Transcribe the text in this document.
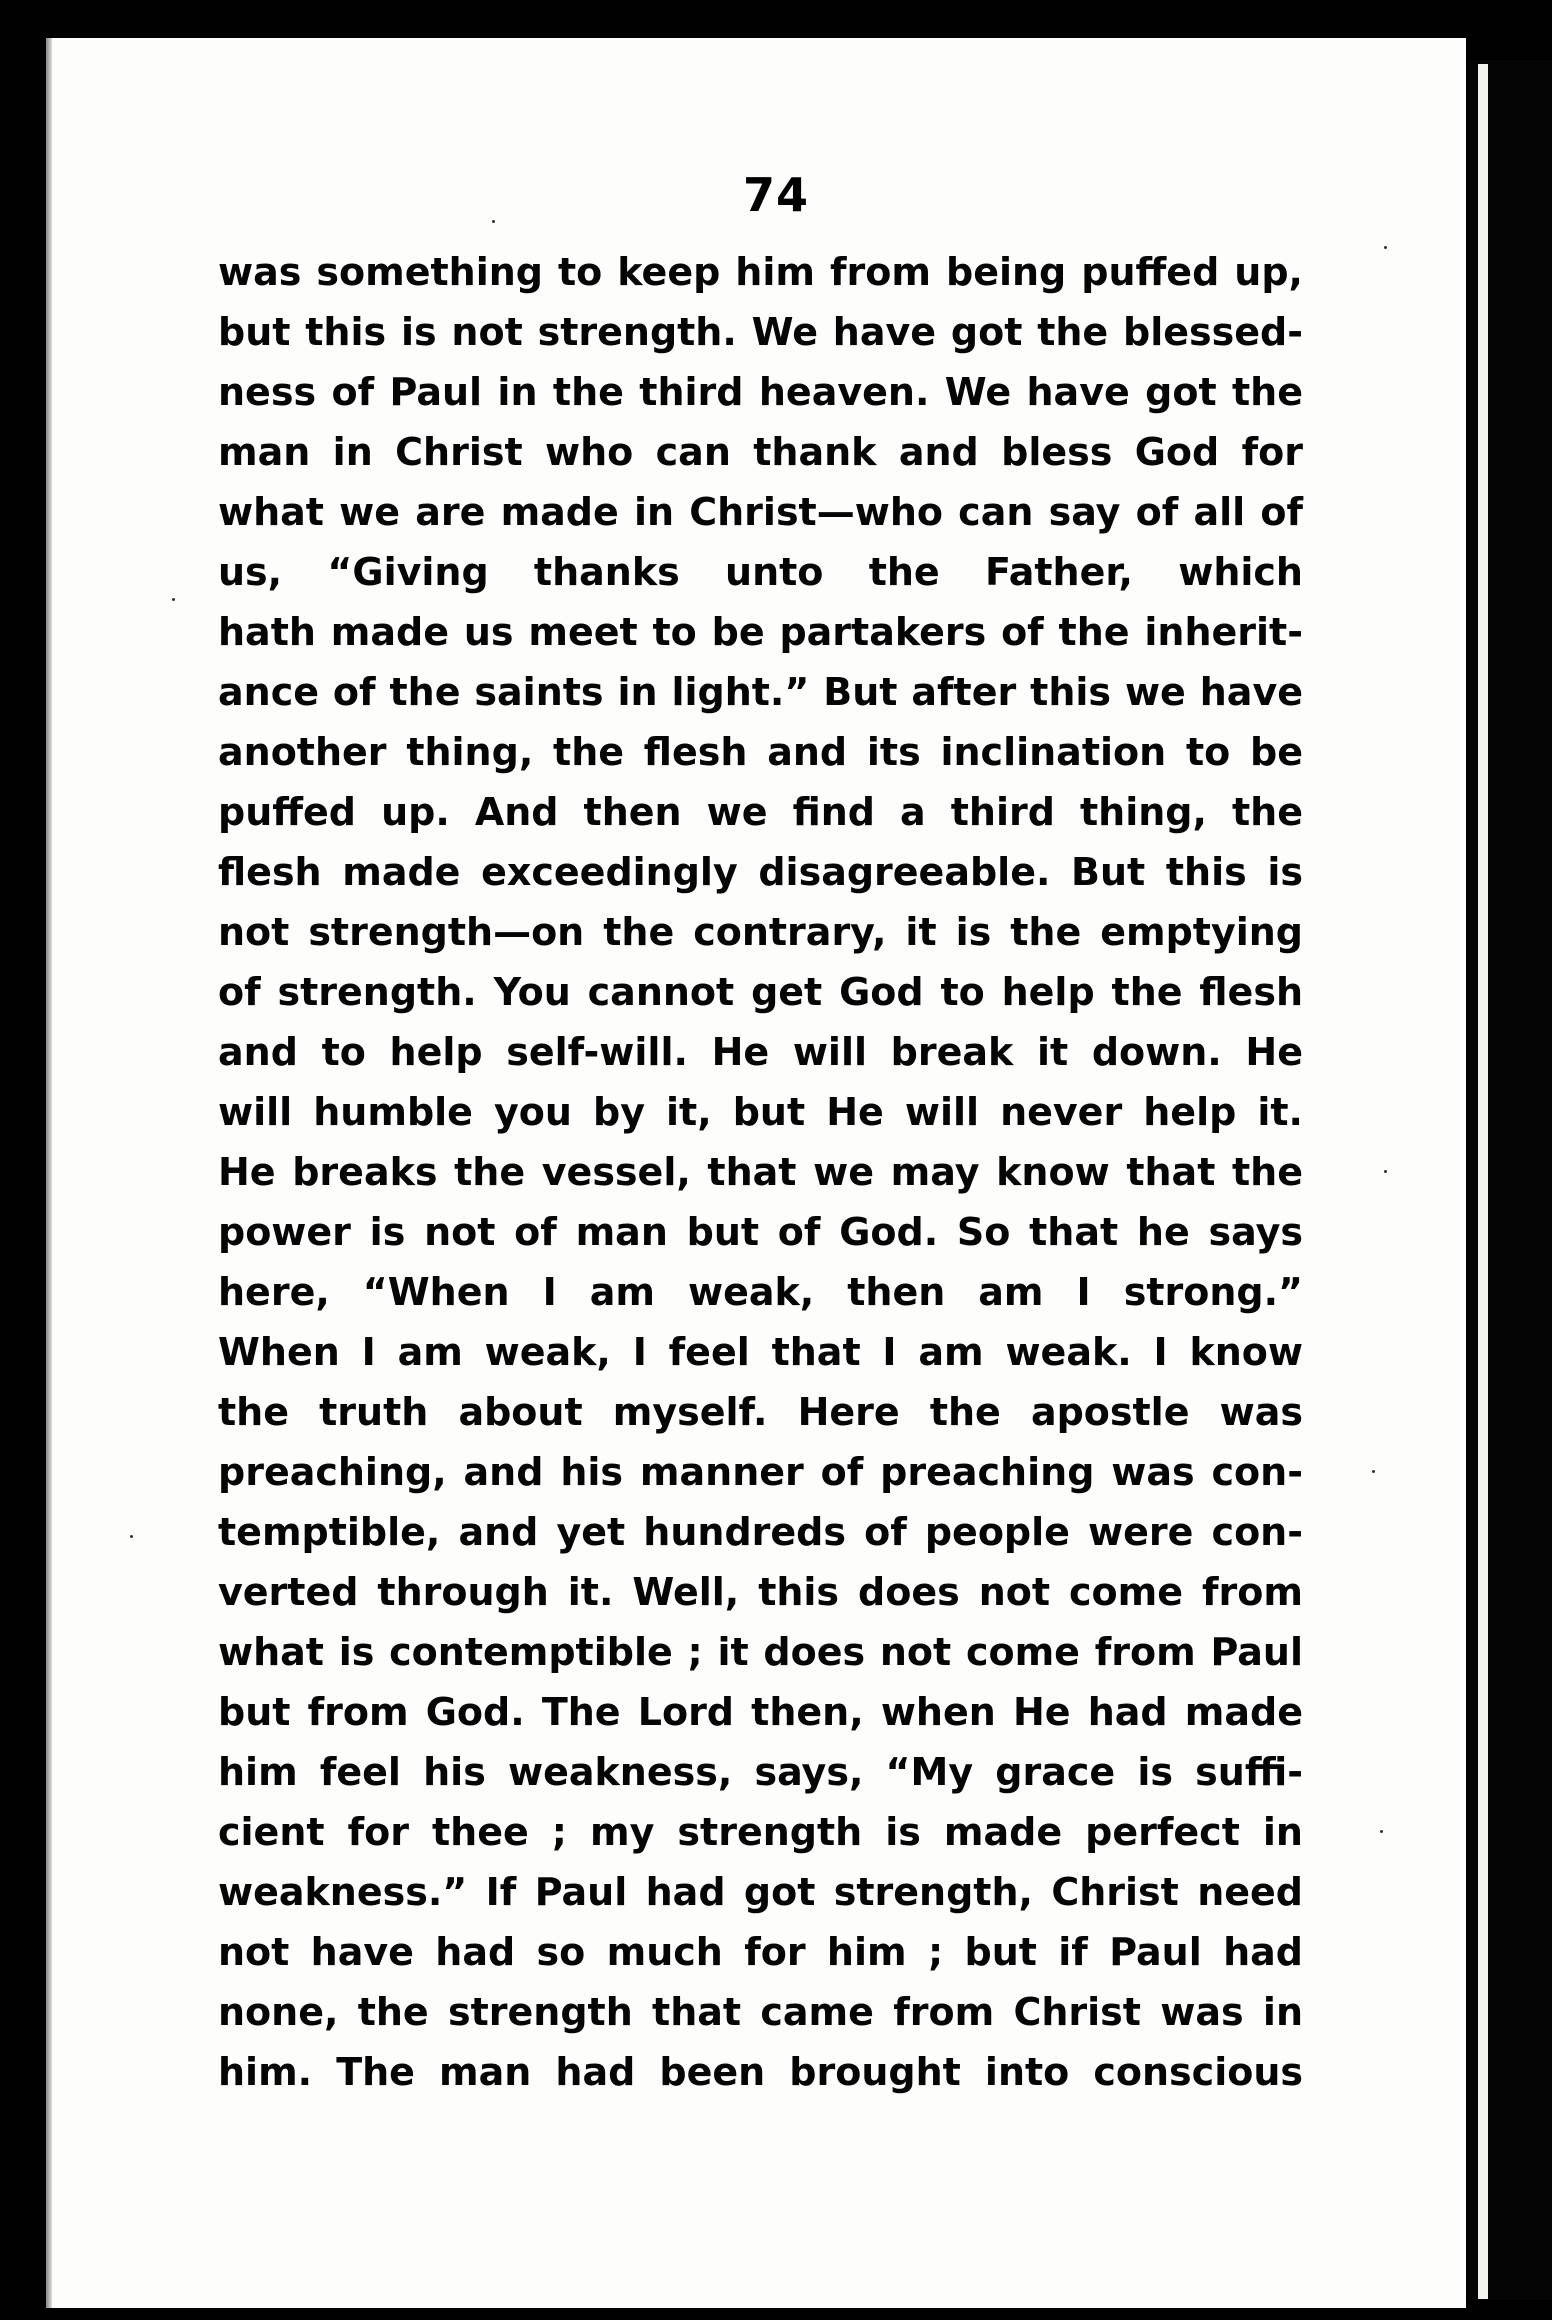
74
was something to keep him from being puffed up,
but this is not strength. We have got the blessed-
ness of Paul in the third heaven. We have got the
man in Christ who can thank and bless God for
what we are made in Christ—who can say of all of
us, “Giving thanks unto the Father, which
hath made us meet to be partakers of the inherit-
ance of the saints in light.” But after this we have
another thing, the flesh and its inclination to be
puffed up. And then we find a third thing, the
flesh made exceedingly disagreeable. But this is
not strength—on the contrary, it is the emptying
of strength. You cannot get God to help the flesh
and to help self-will. He will break it down. He
will humble you by it, but He will never help it.
He breaks the vessel, that we may know that the
power is not of man but of God. So that he says
here, “When I am weak, then am I strong.”
When I am weak, I feel that I am weak. I know
the truth about myself. Here the apostle was
preaching, and his manner of preaching was con-
temptible, and yet hundreds of people were con-
verted through it. Well, this does not come from
what is contemptible ; it does not come from Paul
but from God. The Lord then, when He had made
him feel his weakness, says, “My grace is suffi-
cient for thee ; my strength is made perfect in
weakness.” If Paul had got strength, Christ need
not have had so much for him ; but if Paul had
none, the strength that came from Christ was in
him. The man had been brought into conscious
